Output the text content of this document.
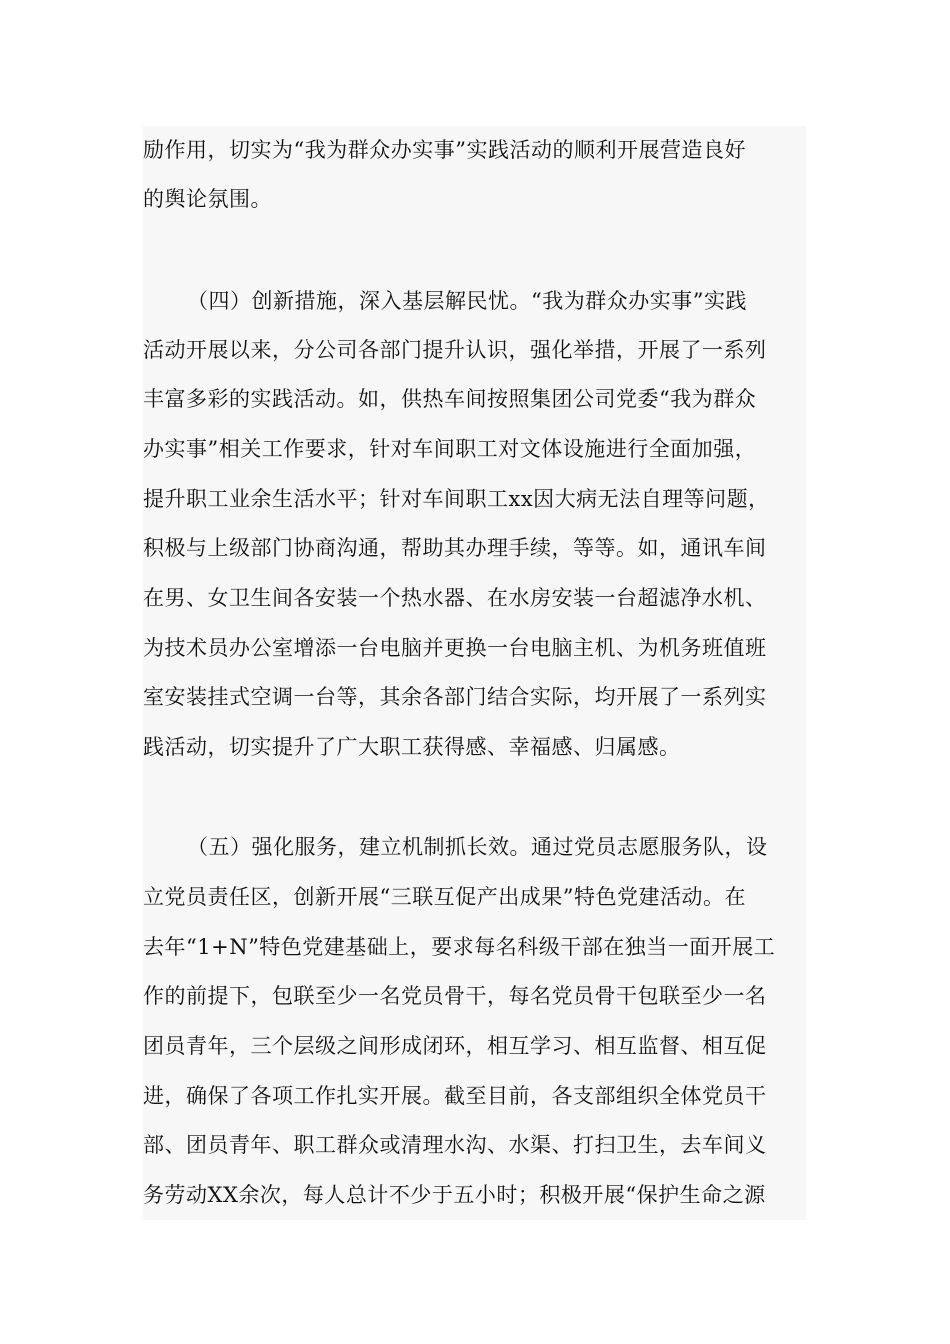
励作用，切实为“我为群众办实事”实践活动的顺利开展营造良好
的舆论氛围。
（四）创新措施，深入基层解民忧。“我为群众办实事”实践
活动开展以来，分公司各部门提升认识，强化举措，开展了一系列
丰富多彩的实践活动。如，供热车间按照集团公司党委“我为群众
办实事”相关工作要求，针对车间职工对文体设施进行全面加强，
提升职工业余生活水平；针对车间职工xx因大病无法自理等问题，
积极与上级部门协商沟通，帮助其办理手续，等等。如，通讯车间
在男、女卫生间各安装一个热水器、在水房安装一台超滤净水机、
为技术员办公室增添一台电脑并更换一台电脑主机、为机务班值班
室安装挂式空调一台等，其余各部门结合实际，均开展了一系列实
践活动，切实提升了广大职工获得感、幸福感、归属感。
（五）强化服务，建立机制抓长效。通过党员志愿服务队，设
立党员责任区，创新开展“三联互促产出成果”特色党建活动。在
去年“1+N”特色党建基础上，要求每名科级干部在独当一面开展工
作的前提下，包联至少一名党员骨干，每名党员骨干包联至少一名
团员青年，三个层级之间形成闭环，相互学习、相互监督、相互促
进，确保了各项工作扎实开展。截至目前，各支部组织全体党员干
部、团员青年、职工群众或清理水沟、水渠、打扫卫生，去车间义
务劳动XX余次，每人总计不少于五小时；积极开展“保护生命之源
